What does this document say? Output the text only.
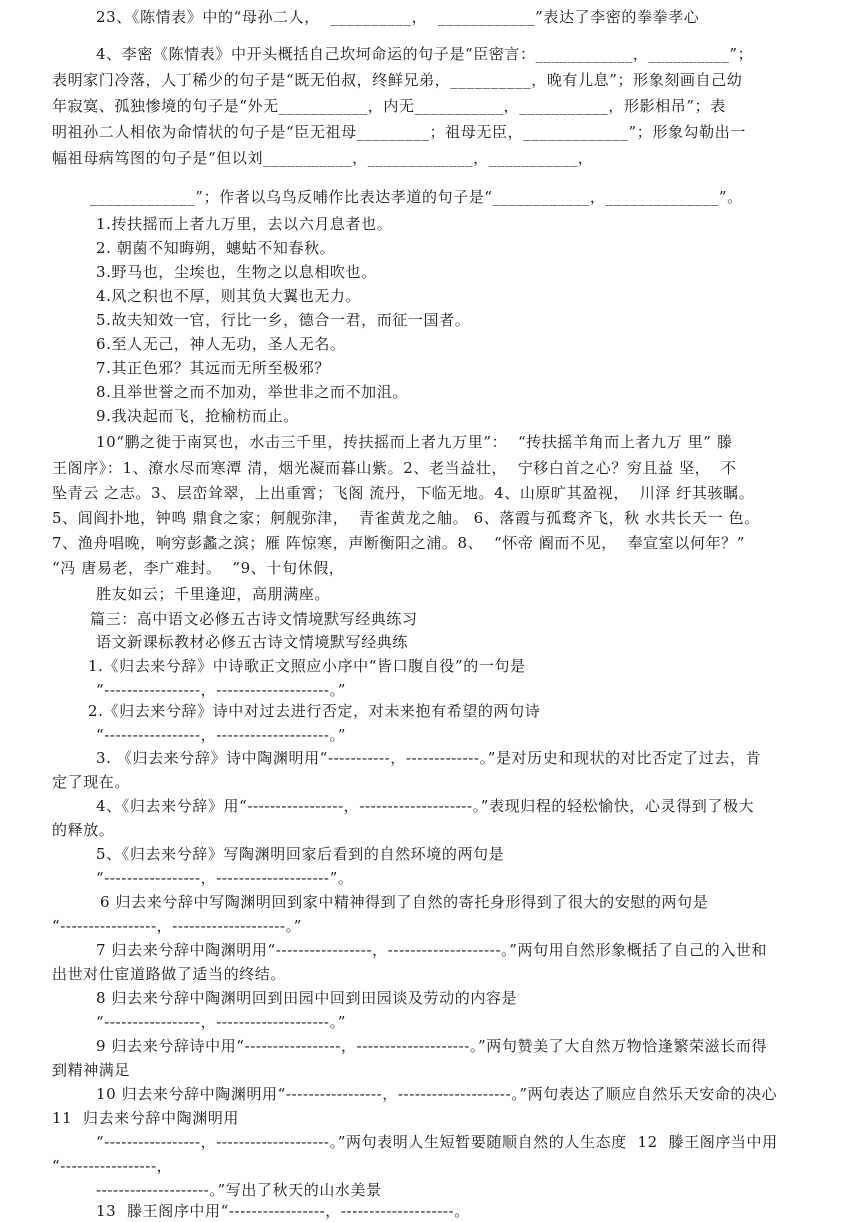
23、《陈情表》中的“母孙二人，  __________，  ____________”表达了李密的拳拳孝心
4、李密《陈情表》中开头概括自己坎坷命运的句子是“臣密言：____________，__________”；
表明家门冷落，人丁稀少的句子是“既无伯叔，终鲜兄弟，__________，晚有儿息”；形象刻画自己幼
年寂寞、孤独惨境的句子是“外无___________，内无___________，___________，形影相吊”；表
明祖孙二人相依为命情状的句子是“臣无祖母_________；祖母无臣，_____________”；形象勾勒出一
幅祖母病笃图的句子是“但以刘___________，_____________，___________，
_____________”；作者以乌鸟反哺作比表达孝道的句子是“____________，______________”。
1.抟扶摇而上者九万里，去以六月息者也。
2. 朝菌不知晦朔，蟪蛄不知春秋。
3.野马也，尘埃也，生物之以息相吹也。
4.风之积也不厚，则其负大翼也无力。
5.故夫知效一官，行比一乡，德合一君，而征一国者。
6.至人无己，神人无功，圣人无名。
7.其正色邪？其远而无所至极邪？
8.且举世誉之而不加劝，举世非之而不加沮。
9.我决起而飞，抢榆枋而止。
10“鹏之徙于南冥也，水击三千里，抟扶摇而上者九万里”：  “抟扶摇羊角而上者九万 里” 滕
王阁序》：1、潦水尽而寒潭 清，烟光凝而暮山紫。2、老当益壮，  宁移白首之心？穷且益 坚，  不
坠青云 之志。3、层峦耸翠，上出重霄；飞阁 流丹，下临无地。4、山原旷其盈视，  川泽 纡其骇瞩。
5、闾阎扑地，钟鸣 鼎食之家；舸舰弥津，  青雀黄龙之舳。 6、落霞与孤鹜齐飞，秋 水共长天一 色。
7、渔舟唱晚，响穷彭蠡之滨；雁 阵惊寒，声断衡阳之浦。8、  “怀帝 阍而不见，  奉宣室以何年？”
“冯 唐易老，李广难封。  ”9、十旬休假，
胜友如云；千里逢迎，高朋满座。
篇三：高中语文必修五古诗文情境默写经典练习
语文新课标教材必修五古诗文情境默写经典练
1.《归去来兮辞》中诗歌正文照应小序中“皆口腹自役”的一句是
“-----------------，--------------------。”
2.《归去来兮辞》诗中对过去进行否定，对未来抱有希望的两句诗
“-----------------，--------------------。”
3. 《归去来兮辞》诗中陶渊明用“-----------，-------------。”是对历史和现状的对比否定了过去，肯
定了现在。
4、《归去来兮辞》用“-----------------，--------------------。”表现归程的轻松愉快，心灵得到了极大
的释放。
5、《归去来兮辞》写陶渊明回家后看到的自然环境的两句是
“-----------------，--------------------”。
6 归去来兮辞中写陶渊明回到家中精神得到了自然的寄托身形得到了很大的安慰的两句是
“-----------------，--------------------。”
7 归去来兮辞中陶渊明用“-----------------，--------------------。”两句用自然形象概括了自己的入世和
出世对仕宦道路做了适当的终结。
8 归去来兮辞中陶渊明回到田园中回到田园谈及劳动的内容是
“-----------------，--------------------。”
9 归去来兮辞诗中用“-----------------，--------------------。”两句赞美了大自然万物恰逢繁荣滋长而得
到精神满足
10 归去来兮辞中陶渊明用“-----------------，--------------------。”两句表达了顺应自然乐天安命的决心
11  归去来兮辞中陶渊明用
“-----------------，--------------------。”两句表明人生短暂要随顺自然的人生态度  12  滕王阁序当中用
“-----------------，
--------------------。”写出了秋天的山水美景
13  滕王阁序中用“-----------------，--------------------。
